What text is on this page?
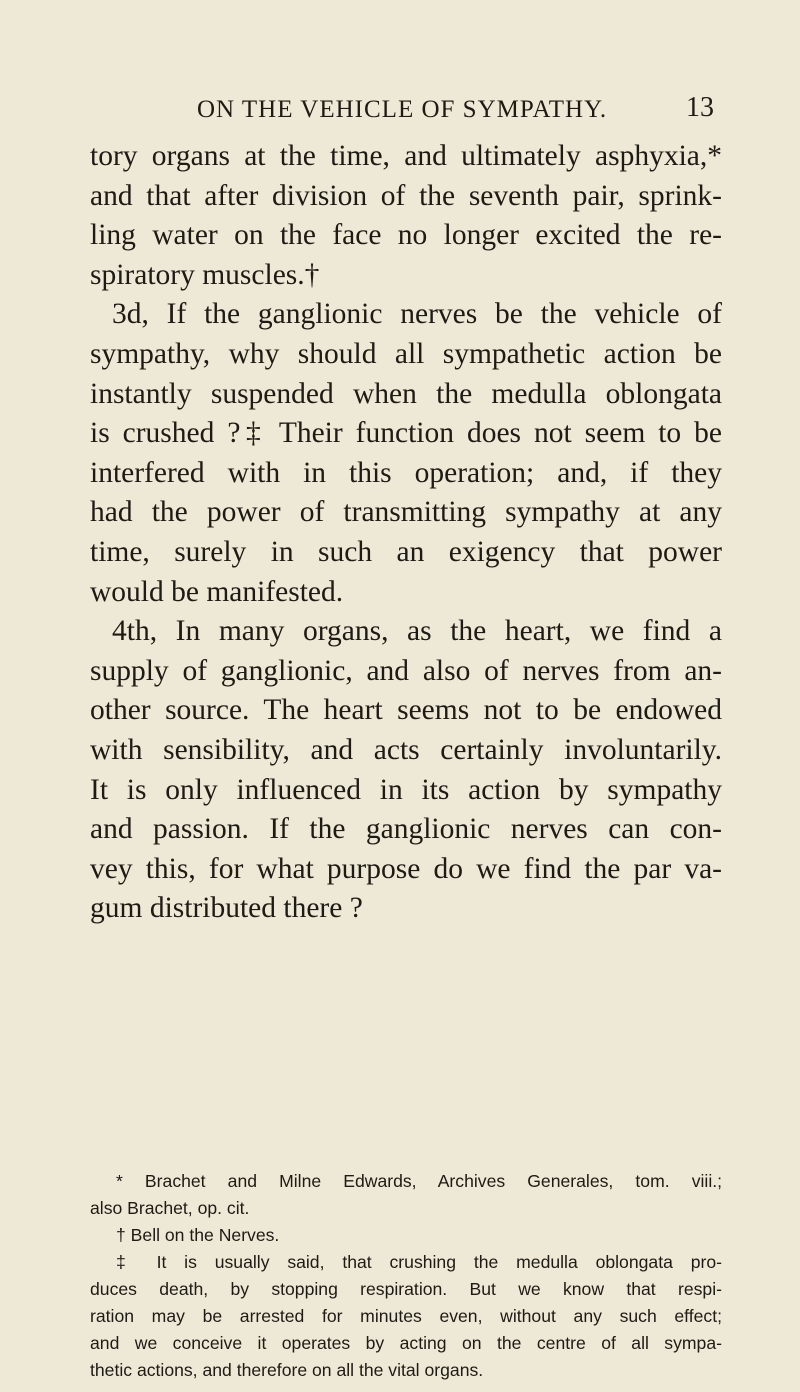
ON THE VEHICLE OF SYMPATHY.	13
tory organs at the time, and ultimately asphyxia,*
and that after division of the seventh pair, sprink-
ling water on the face no longer excited the re-
spiratory muscles.†
3d, If the ganglionic nerves be the vehicle of
sympathy, why should all sympathetic action be
instantly suspended when the medulla oblongata
is crushed ?‡ Their function does not seem to be
interfered with in this operation; and, if they
had the power of transmitting sympathy at any
time, surely in such an exigency that power
would be manifested.
4th, In many organs, as the heart, we find a
supply of ganglionic, and also of nerves from an-
other source. The heart seems not to be endowed
with sensibility, and acts certainly involuntarily.
It is only influenced in its action by sympathy
and passion. If the ganglionic nerves can con-
vey this, for what purpose do we find the par va-
gum distributed there ?
* Brachet and Milne Edwards, Archives Generales, tom. viii.;
also Brachet, op. cit.
† Bell on the Nerves.
‡ It is usually said, that crushing the medulla oblongata pro-
duces death, by stopping respiration. But we know that respi-
ration may be arrested for minutes even, without any such effect;
and we conceive it operates by acting on the centre of all sympa-
thetic actions, and therefore on all the vital organs.
